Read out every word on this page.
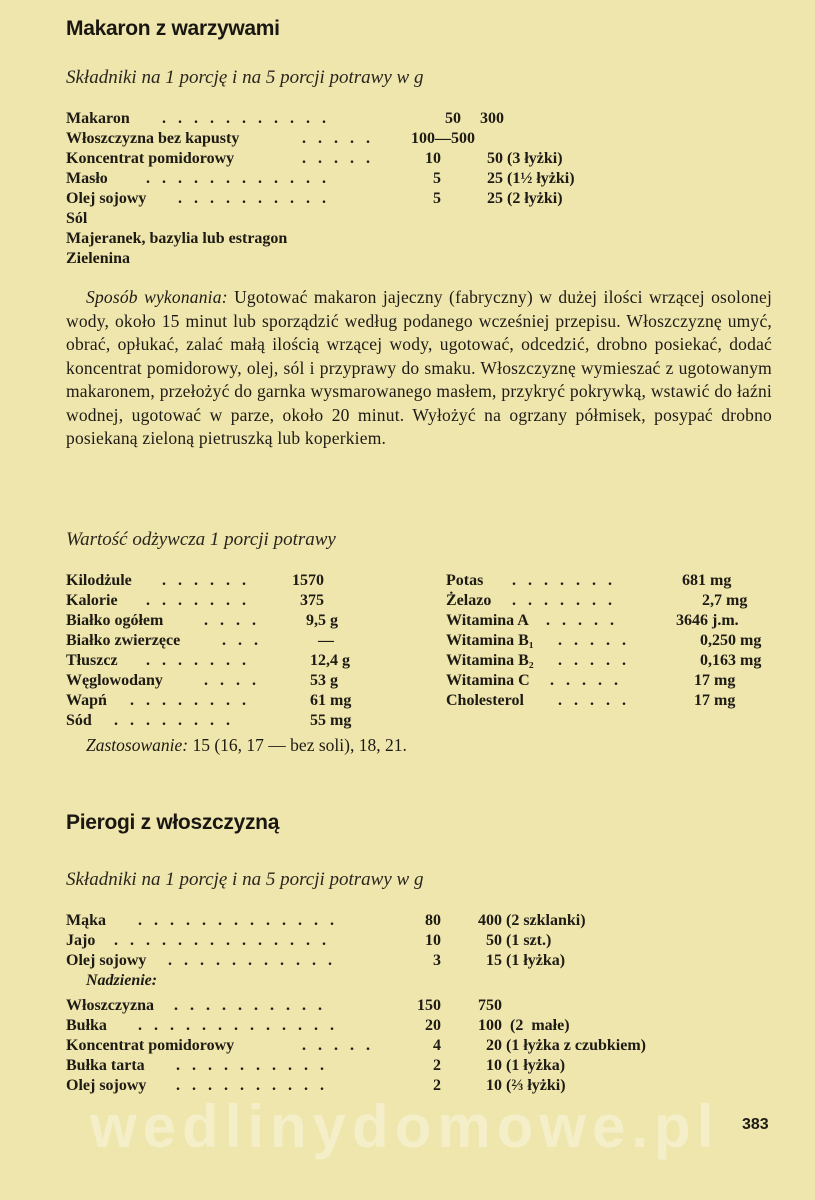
Makaron z warzywami
Składniki na 1 porcję i na 5 porcji potrawy w g
Makaron . . . . . . . . . . .	50 300
Włoszczyzna bez kapusty	. . . . . 100—500
Koncentrat pomidorowy	. . . . .	10	50 (3 łyżki)
Masło . . . . . . . . . . . .	5	25 (1½ łyżki)
Olej sojowy . . . . . . . . . .	5	25 (2 łyżki)
Sól
Majeranek, bazylia lub estragon
Zielenina
Sposób wykonania: Ugotować makaron jajeczny (fabryczny) w dużej ilości wrzącej osolonej wody, około 15 minut lub sporządzić według podanego wcześniej przepisu. Włoszczyznę umyć, obrać, opłukać, zalać małą ilością wrzącej wody, ugotować, odcedzić, drobno posiekać, dodać koncentrat pomidorowy, olej, sól i przyprawy do smaku. Włoszczyznę wymieszać z ugotowanym makaronem, przełożyć do garnka wysmarowanego masłem, przykryć pokrywką, wstawić do łaźni wodnej, ugotować w parze, około 20 minut. Wyłożyć na ogrzany półmisek, posypać drobno posiekaną zieloną pietruszką lub koperkiem.
Wartość odżywcza 1 porcji potrawy
Kilodżule . . . . . .	1570
Kalorie . . . . . . .	375
Białko ogółem	. . . .	9,5 g
Białko zwierzęce	. . .	—
Tłuszcz . . . . . . .	12,4 g
Węglowodany	. . . .	53 g
Wapń . . . . . . . .	61 mg
Sód . . . . . . . .	55 mg
Potas . . . . . . .	681 mg
Żelazo . . . . . . .	2,7 mg
Witamina A . . . . .	3646 j.m.
Witamina B₁ . . . . .	0,250 mg
Witamina B₂ . . . . .	0,163 mg
Witamina C . . . . .	17 mg
Cholesterol . . . . .	17 mg
Zastosowanie: 15 (16, 17 — bez soli), 18, 21.
Pierogi z włoszczyzną
Składniki na 1 porcję i na 5 porcji potrawy w g
Mąka . . . . . . . . . . . . .	80 400 (2 szklanki)
Jajo . . . . . . . . . . . . . .	10	50 (1 szt.)
Olej sojowy . . . . . . . . . . .	3	15 (1 łyżka)
Nadzienie:
Włoszczyzna . . . . . . . . . .	150 750
Bułka . . . . . . . . . . . . .	20 100  (2  małe)
Koncentrat pomidorowy	. . . . .	4	20 (1 łyżka z czubkiem)
Bułka tarta . . . . . . . . . .	2	10 (1 łyżka)
Olej sojowy . . . . . . . . . .	2	10 (⅔ łyżki)
wedlinydomowe.pl 383
